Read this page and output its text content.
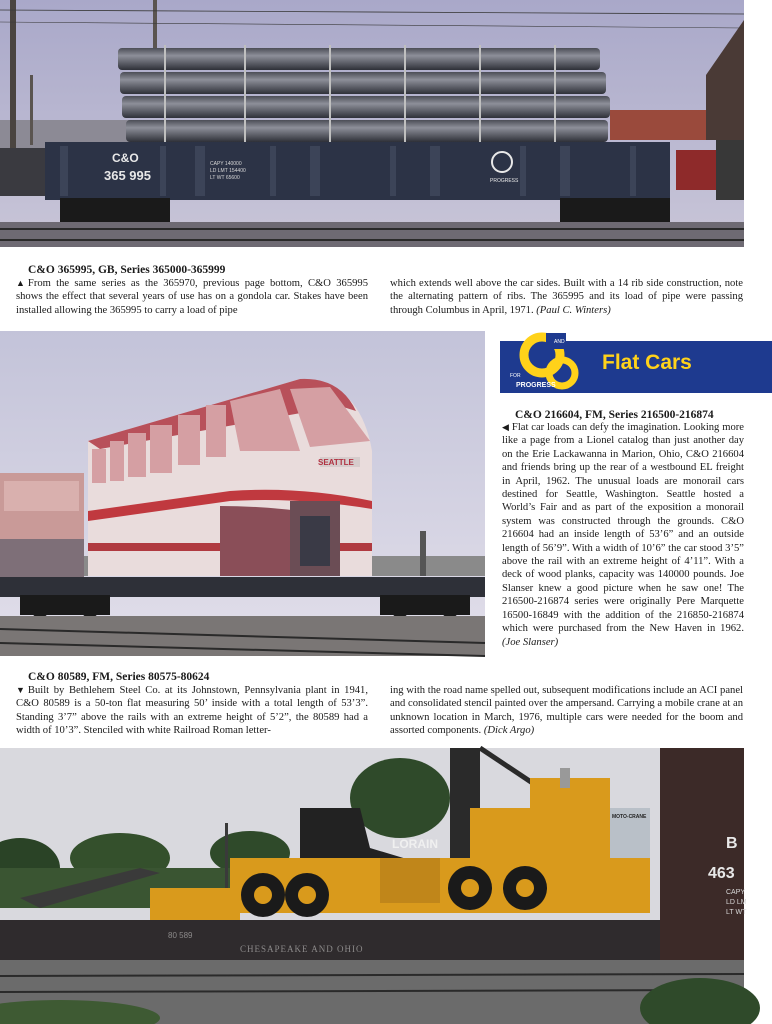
C&O
365 995
CAPY 140000
LD LMT 154400
LT WT 65600	PROGRESS
C&O 365995, GB, Series 365000-365999
▲ From the same series as the 365970, previous page bottom, C&O 365995 shows the effect that several years of use has on a gondola car. Stakes have been installed allowing the 365995 to carry a load of pipe
which extends well above the car sides. Built with a 14 rib side construction, note the alternating pattern of ribs. The 365995 and its load of pipe were passing through Columbus in April, 1971. (Paul C. Winters)
SEATTLE
AND
FOR
PROGRESS
Flat Cars
C&O 216604, FM, Series 216500-216874
◀ Flat car loads can defy the imagination. Looking more like a page from a Lionel catalog than just another day on the Erie Lackawanna in Marion, Ohio, C&O 216604 and friends bring up the rear of a westbound EL freight in April, 1962. The unusual loads are monorail cars destined for Seattle, Washington. Seattle hosted a World’s Fair and as part of the exposition a monorail system was constructed through the grounds. C&O 216604 had an inside length of 53’6” and an outside length of 56’9”. With a width of 10’6” the car stood 3’5” above the rail with an extreme height of 4’11”. With a deck of wood planks, capacity was 140000 pounds. Joe Slanser knew a good picture when he saw one! The 216500-216874 series were originally Pere Marquette 16500-16849 with the addition of the 216850-216874 which were purchased from the New Haven in 1962. (Joe Slanser)
C&O 80589, FM, Series 80575-80624
▼ Built by Bethlehem Steel Co. at its Johnstown, Pennsylvania plant in 1941, C&O 80589 is a 50-ton flat measuring 50’ inside with a total length of 53’3”. Standing 3’7” above the rails with an extreme height of 5’2”, the 80589 had a width of 10’3”. Stenciled with white Railroad Roman letter-
ing with the road name spelled out, subsequent modifications include an ACI panel and consolidated stencil painted over the ampersand. Carrying a mobile crane at an unknown location in March, 1976, multiple cars were needed for the boom and assorted components. (Dick Argo)
B
463
CAPY
LD LM
LT WT
MOTO-CRANE
LORAIN
CHESAPEAKE AND OHIO
80 589
